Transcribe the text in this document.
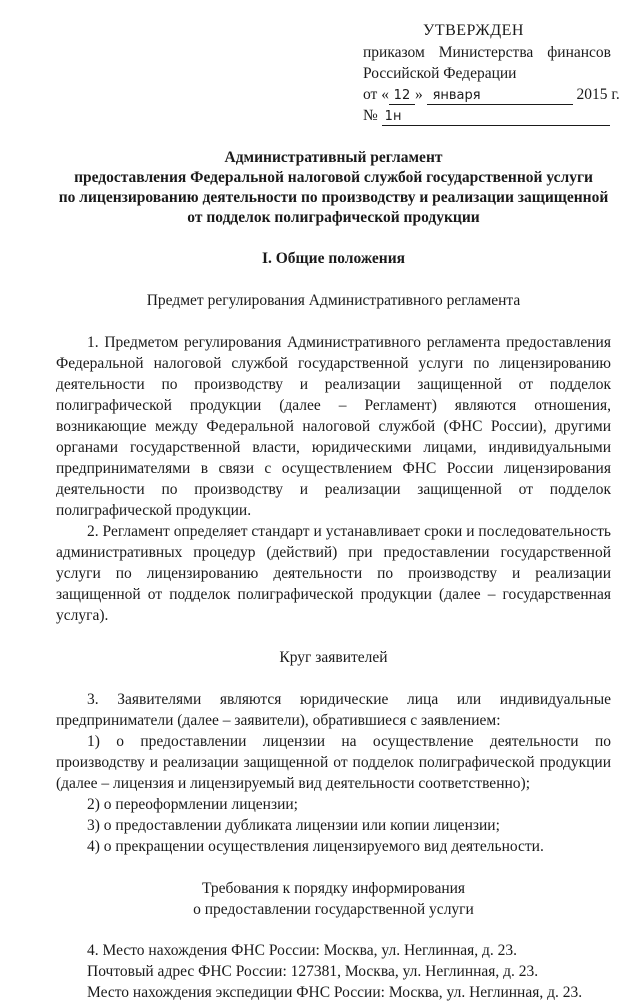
УТВЕРЖДЕН
приказом Министерства финансов
Российской Федерации
от « 12 » января	2015 г.
№ 1н
Административный регламент
предоставления Федеральной налоговой службой государственной услуги
по лицензированию деятельности по производству и реализации защищенной
от подделок полиграфической продукции
I. Общие положения
Предмет регулирования Административного регламента

1. Предметом регулирования Административного регламента предоставления Федеральной налоговой службой государственной услуги по лицензированию деятельности по производству и реализации защищенной от подделок полиграфической продукции (далее – Регламент) являются отношения, возникающие между Федеральной налоговой службой (ФНС России), другими органами государственной власти, юридическими лицами, индивидуальными предпринимателями в связи с осуществлением ФНС России лицензирования деятельности по производству и реализации защищенной от подделок полиграфической продукции.

2. Регламент определяет стандарт и устанавливает сроки и последовательность административных процедур (действий) при предоставлении государственной услуги по лицензированию деятельности по производству и реализации защищенной от подделок полиграфической продукции (далее – государственная услуга).

Круг заявителей

3. Заявителями являются юридические лица или индивидуальные предприниматели (далее – заявители), обратившиеся с заявлением:

1) о предоставлении лицензии на осуществление деятельности по производству и реализации защищенной от подделок полиграфической продукции (далее – лицензия и лицензируемый вид деятельности соответственно);

2) о переоформлении лицензии;

3) о предоставлении дубликата лицензии или копии лицензии;

4) о прекращении осуществления лицензируемого вид деятельности.

Требования к порядку информирования
о предоставлении государственной услуги
4. Место нахождения ФНС России: Москва, ул. Неглинная, д. 23.
Почтовый адрес ФНС России: 127381, Москва, ул. Неглинная, д. 23.
Место нахождения экспедиции ФНС России: Москва, ул. Неглинная, д. 23.
